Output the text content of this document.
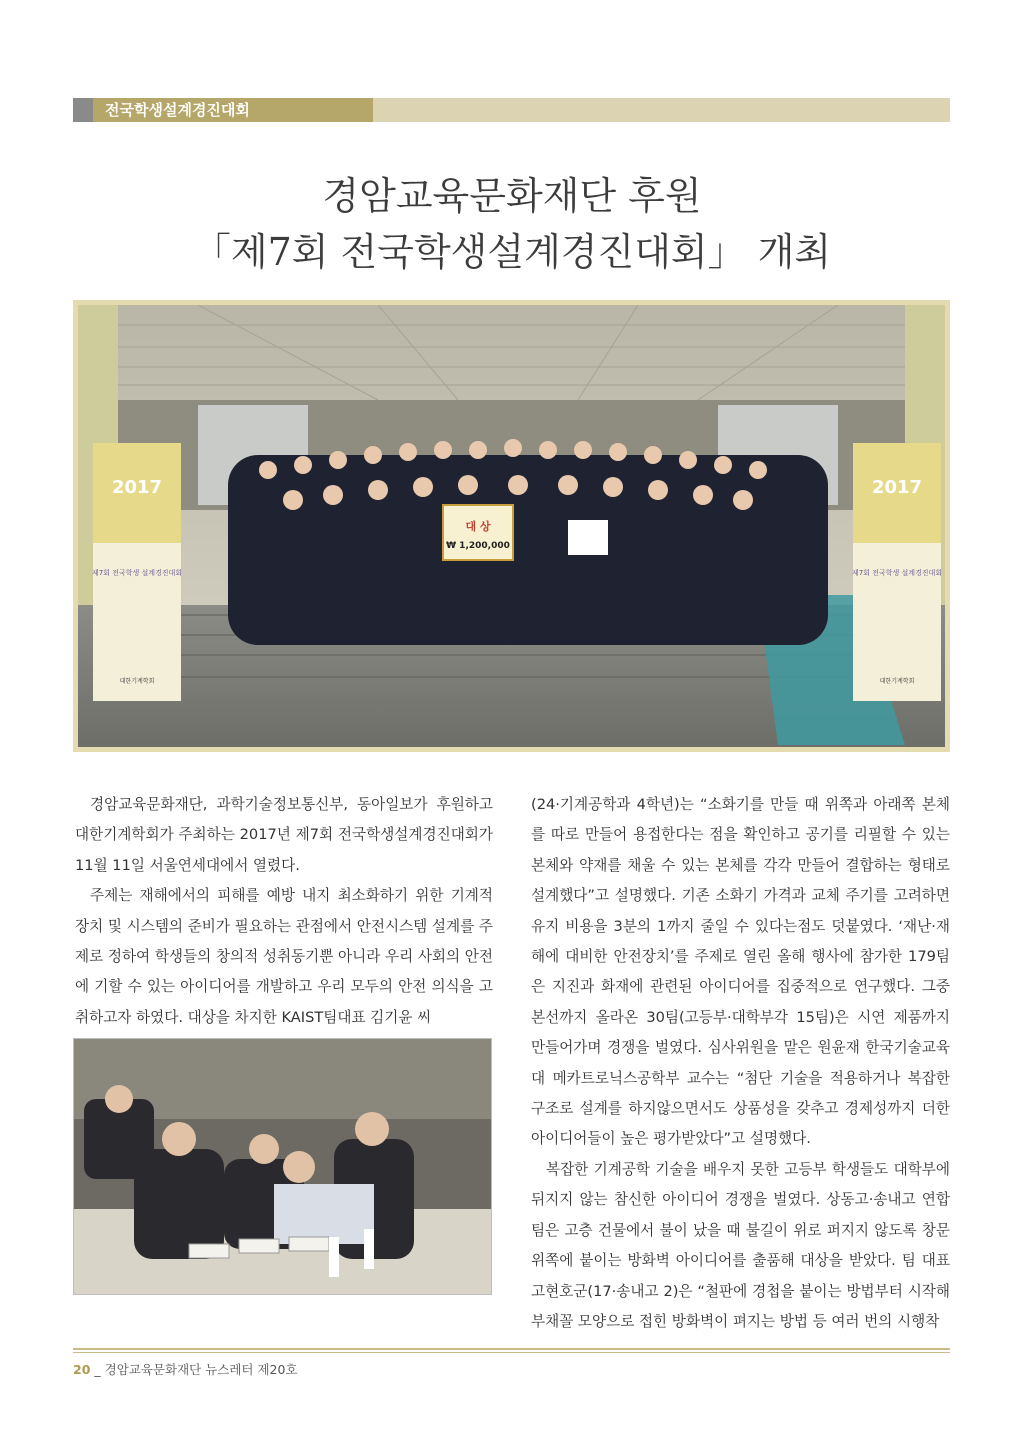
전국학생설계경진대회
경암교육문화재단 후원
「제7회 전국학생설계경진대회」 개최
2017
제7회 전국학생 설계경진대회
대한기계학회
2017
제7회 전국학생 설계경진대회
대한기계학회
대 상
₩ 1,200,000

경암교육문화재단, 과학기술정보통신부, 동아일보가 후원하고 대한기계학회가 주최하는 2017년 제7회 전국학생설계경진대회가 11월 11일 서울연세대에서 열렸다.

주제는 재해에서의 피해를 예방 내지 최소화하기 위한 기계적 장치 및 시스템의 준비가 필요하는 관점에서 안전시스템 설계를 주제로 정하여 학생들의 창의적 성취동기뿐 아니라 우리 사회의 안전에 기할 수 있는 아이디어를 개발하고 우리 모두의 안전 의식을 고취하고자 하였다. 대상을 차지한 KAIST팀대표 김기윤 씨

(24·기계공학과 4학년)는 “소화기를 만들 때 위쪽과 아래쪽 본체를 따로 만들어 용접한다는 점을 확인하고 공기를 리필할 수 있는 본체와 약재를 채울 수 있는 본체를 각각 만들어 결합하는 형태로 설계했다”고 설명했다. 기존 소화기 가격과 교체 주기를 고려하면 유지 비용을 3분의 1까지 줄일 수 있다는점도 덧붙였다. ‘재난·재해에 대비한 안전장치’를 주제로 열린 올해 행사에 참가한 179팀은 지진과 화재에 관련된 아이디어를 집중적으로 연구했다. 그중 본선까지 올라온 30팀(고등부·대학부각 15팀)은 시연 제품까지 만들어가며 경쟁을 벌였다. 심사위원을 맡은 원윤재 한국기술교육대 메카트로닉스공학부 교수는 “첨단 기술을 적용하거나 복잡한 구조로 설계를 하지않으면서도 상품성을 갖추고 경제성까지 더한 아이디어들이 높은 평가받았다”고 설명했다.

복잡한 기계공학 기술을 배우지 못한 고등부 학생들도 대학부에 뒤지지 않는 참신한 아이디어 경쟁을 벌였다. 상동고·송내고 연합팀은 고층 건물에서 불이 났을 때 불길이 위로 퍼지지 않도록 창문 위쪽에 붙이는 방화벽 아이디어를 출품해 대상을 받았다. 팀 대표 고현호군(17·송내고 2)은 “철판에 경첩을 붙이는 방법부터 시작해 부채꼴 모양으로 접힌 방화벽이 펴지는 방법 등 여러 번의 시행착

20 _ 경암교육문화재단 뉴스레터 제20호
